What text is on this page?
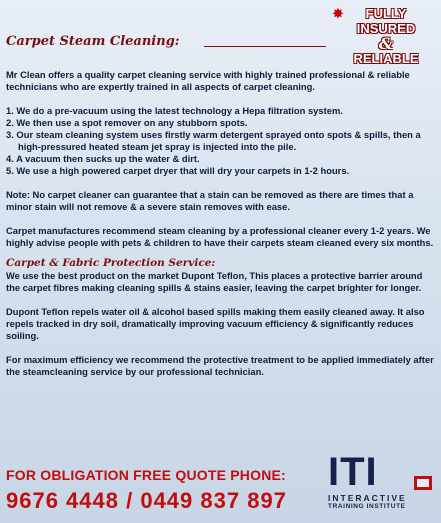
✸	FULLY
INSURED
&
RELIABLE
Carpet Steam Cleaning:

Mr Clean offers a quality carpet cleaning service with highly trained professional & reliable technicians who are expertly trained in all aspects of carpet cleaning.

1. We do a pre-vacuum using the latest technology a Hepa filtration system.
2. We then use a spot remover on any stubborn spots.
3. Our steam cleaning system uses firstly warm detergent sprayed onto spots & spills, then a high-pressured heated steam jet spray is injected into the pile.
4. A vacuum then sucks up the water & dirt.
5. We use a high powered carpet dryer that will dry your carpets in 1-2 hours.

Note: No carpet cleaner can guarantee that a stain can be removed as there are times that a minor stain will not remove & a severe stain removes with ease.

Carpet manufactures recommend steam cleaning by a professional cleaner every 1-2 years. We highly advise people with pets & children to have their carpets steam cleaned every six months.

Carpet & Fabric Protection Service:

We use the best product on the market Dupont Teflon, This places a protective barrier around the carpet fibres making cleaning spills & stains easier, leaving the carpet brighter for longer.

Dupont Teflon repels water oil & alcohol based spills making them easily cleaned away. It also repels tracked in dry soil, dramatically improving vacuum efficiency & significantly reduces soiling.

For maximum efficiency we recommend the protective treatment to be applied immediately after the steamcleaning service by our professional technician.

FOR OBLIGATION FREE QUOTE PHONE:
9676 4448 / 0449 837 897
ITI
INTERACTIVE
TRAINING INSTITUTE
